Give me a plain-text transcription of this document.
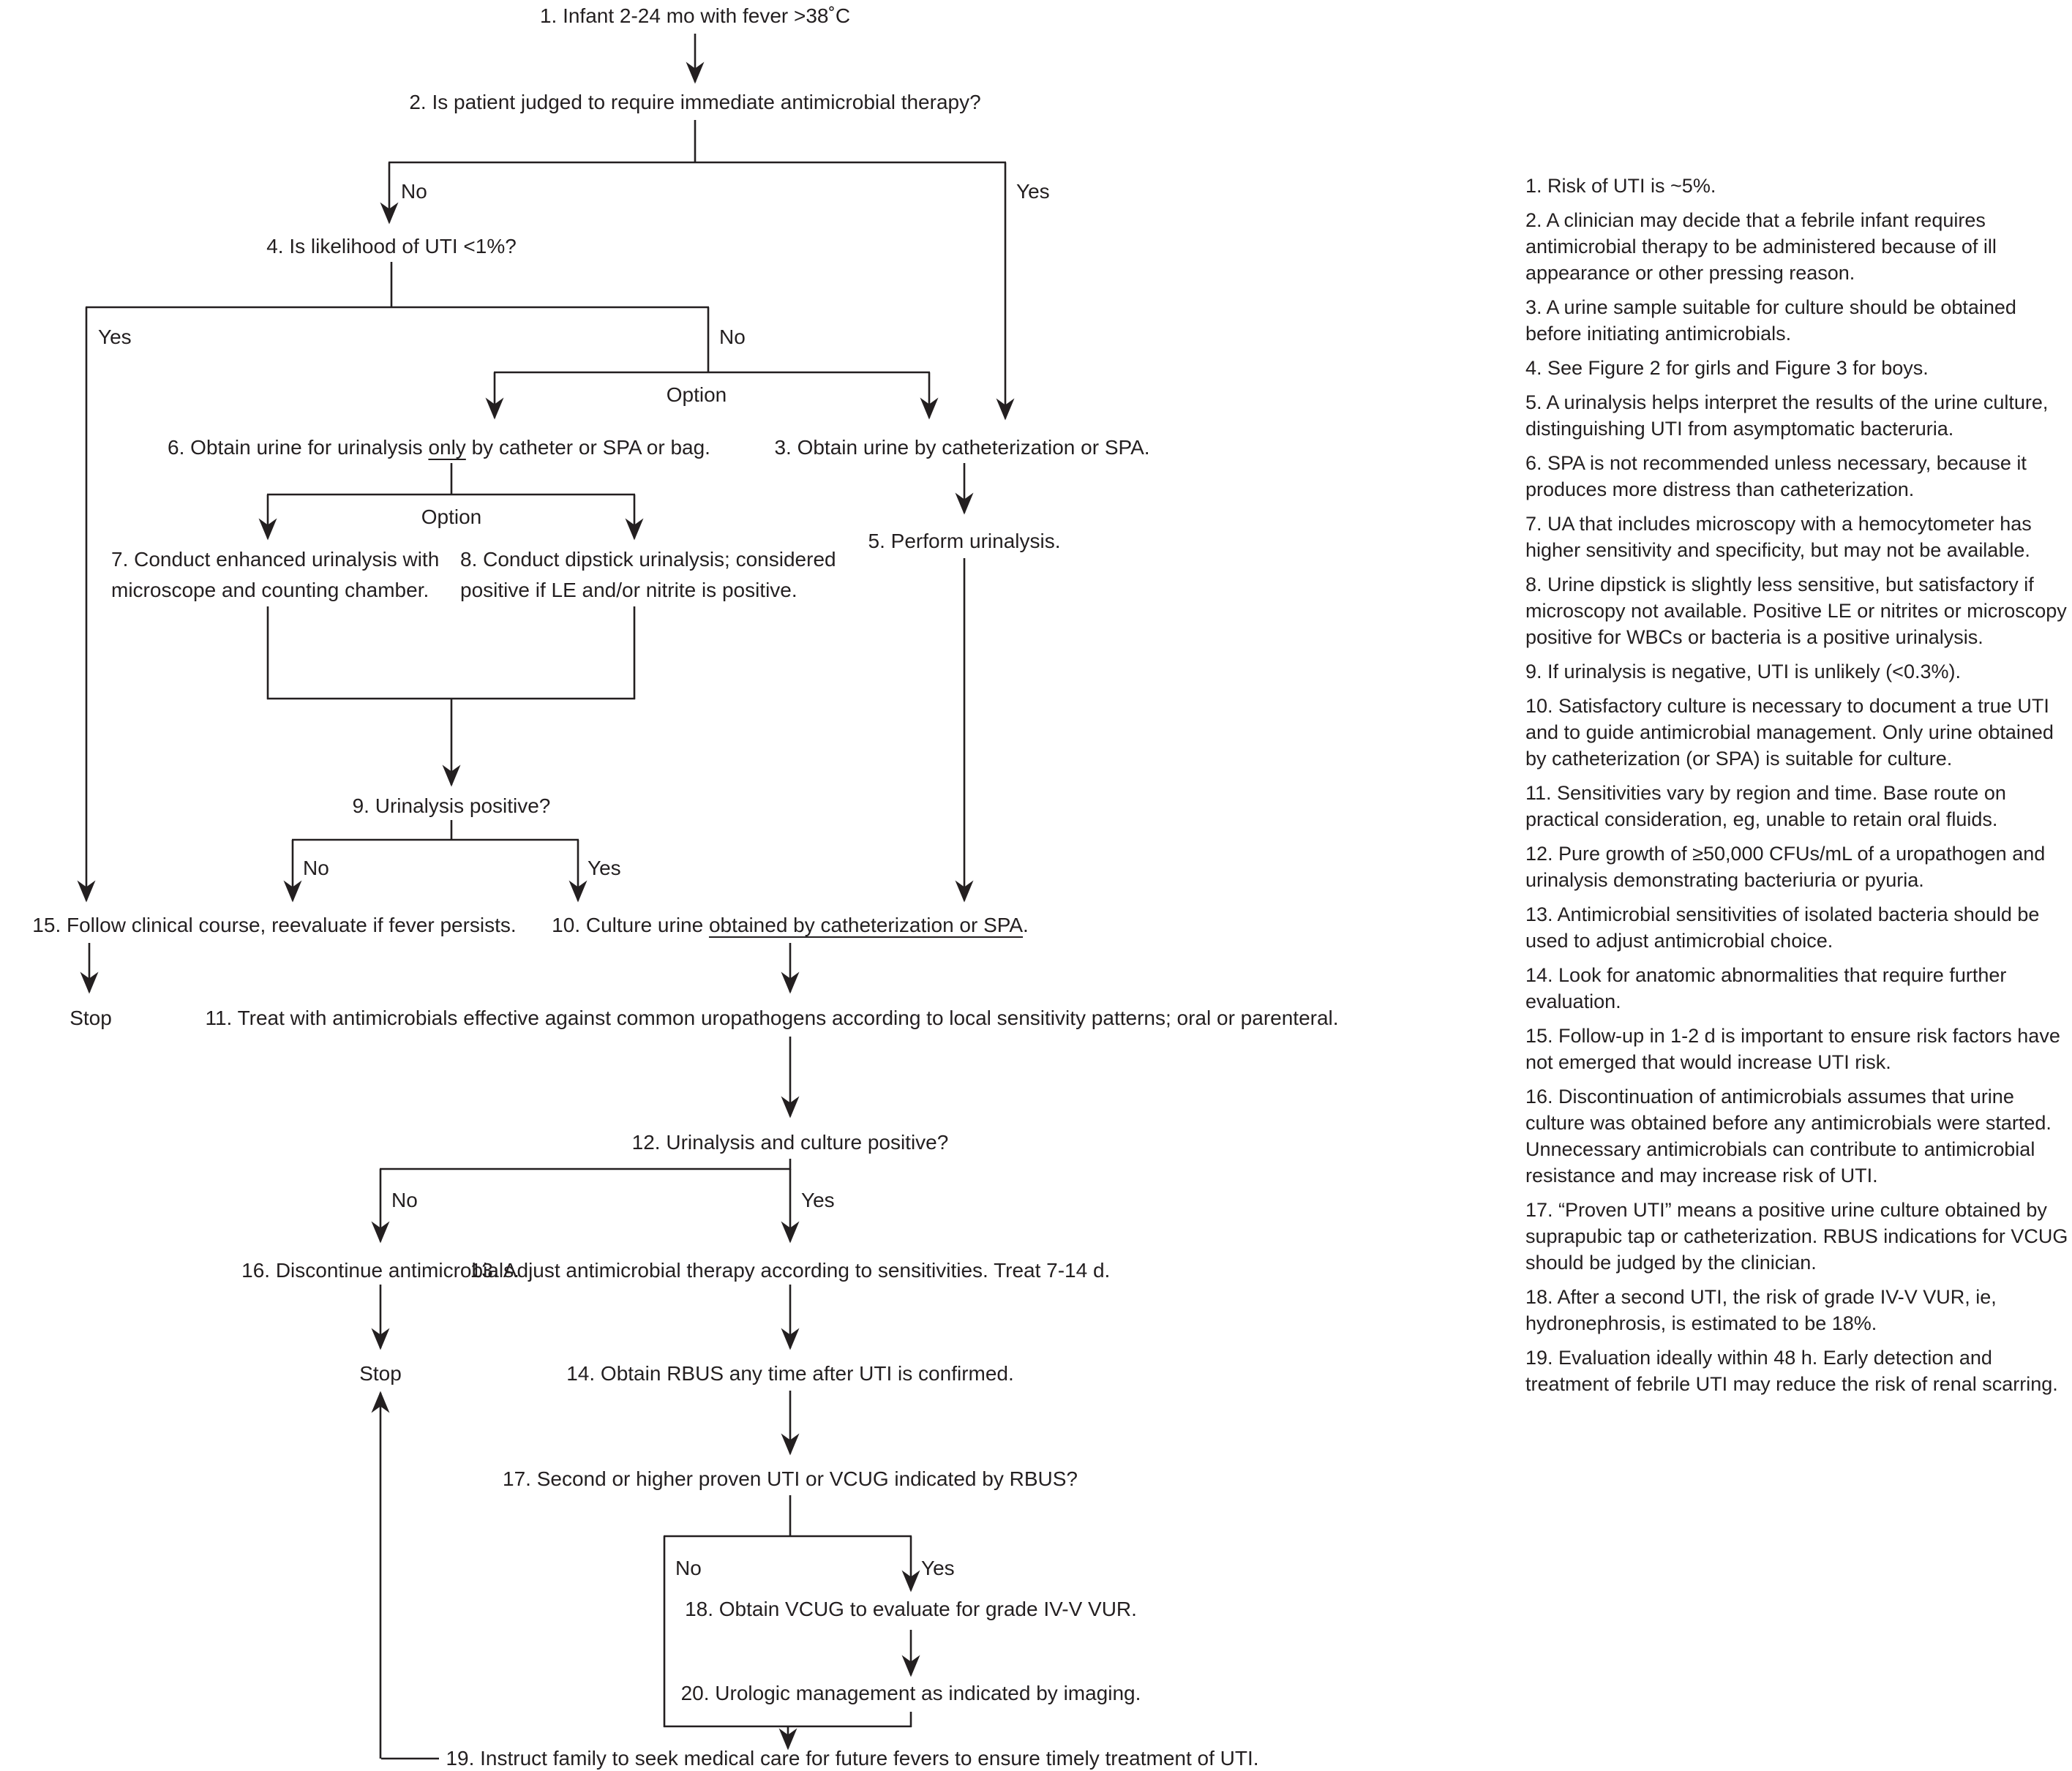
1. Infant 2-24 mo with fever >38˚C
2. Is patient judged to require immediate antimicrobial therapy?
4. Is likelihood of UTI <1%?
6. Obtain urine for urinalysis only by catheter or SPA or bag.	3. Obtain urine by catheterization or SPA.
5. Perform urinalysis.
7. Conduct enhanced urinalysis with
microscope and counting chamber.
8. Conduct dipstick urinalysis; considered
positive if LE and/or nitrite is positive.
9. Urinalysis positive?
15. Follow clinical course, reevaluate if fever persists. 10. Culture urine obtained by catheterization or SPA.
11. Treat with antimicrobials effective against common uropathogens according to local sensitivity patterns; oral or parenteral.
12. Urinalysis and culture positive?
16. Discontinue antimicrobials.
13. Adjust antimicrobial therapy according to sensitivities. Treat 7-14 d.
14. Obtain RBUS any time after UTI is confirmed.
17. Second or higher proven UTI or VCUG indicated by RBUS?
18. Obtain VCUG to evaluate for grade IV-V VUR.
20. Urologic management as indicated by imaging.
19. Instruct family to seek medical care for future fevers to ensure timely treatment of UTI.
No	Yes
Yes	No
Option
Option
No	Yes
Stop
No	Yes
Stop
No	Yes

1. Risk of UTI is ~5%.

2. A clinician may decide that a febrile infant requires antimicrobial therapy to be administered because of ill appearance or other pressing reason.

3. A urine sample suitable for culture should be obtained before initiating antimicrobials.

4. See Figure 2 for girls and Figure 3 for boys.

5. A urinalysis helps interpret the results of the urine culture, distinguishing UTI from asymptomatic bacteruria.

6. SPA is not recommended unless necessary, because it produces more distress than catheterization.

7. UA that includes microscopy with a hemocytometer has higher sensitivity and specificity, but may not be available.

8. Urine dipstick is slightly less sensitive, but satisfactory if microscopy not available. Positive LE or nitrites or microscopy positive for WBCs or bacteria is a positive urinalysis.

9. If urinalysis is negative, UTI is unlikely (<0.3%).

10. Satisfactory culture is necessary to document a true UTI and to guide antimicrobial management. Only urine obtained by catheterization (or SPA) is suitable for culture.

11. Sensitivities vary by region and time. Base route on practical consideration, eg, unable to retain oral fluids.

12. Pure growth of ≥50,000 CFUs/mL of a uropathogen and urinalysis demonstrating bacteriuria or pyuria.

13. Antimicrobial sensitivities of isolated bacteria should be used to adjust antimicrobial choice.

14. Look for anatomic abnormalities that require further evaluation.

15. Follow-up in 1-2 d is important to ensure risk factors have not emerged that would increase UTI risk.

16. Discontinuation of antimicrobials assumes that urine culture was obtained before any antimicrobials were started. Unnecessary antimicrobials can contribute to antimicrobial resistance and may increase risk of UTI.

17. “Proven UTI” means a positive urine culture obtained by suprapubic tap or catheterization. RBUS indications for VCUG should be judged by the clinician.

18. After a second UTI, the risk of grade IV-V VUR, ie, hydronephrosis, is estimated to be 18%.

19. Evaluation ideally within 48 h. Early detection and treatment of febrile UTI may reduce the risk of renal scarring.
